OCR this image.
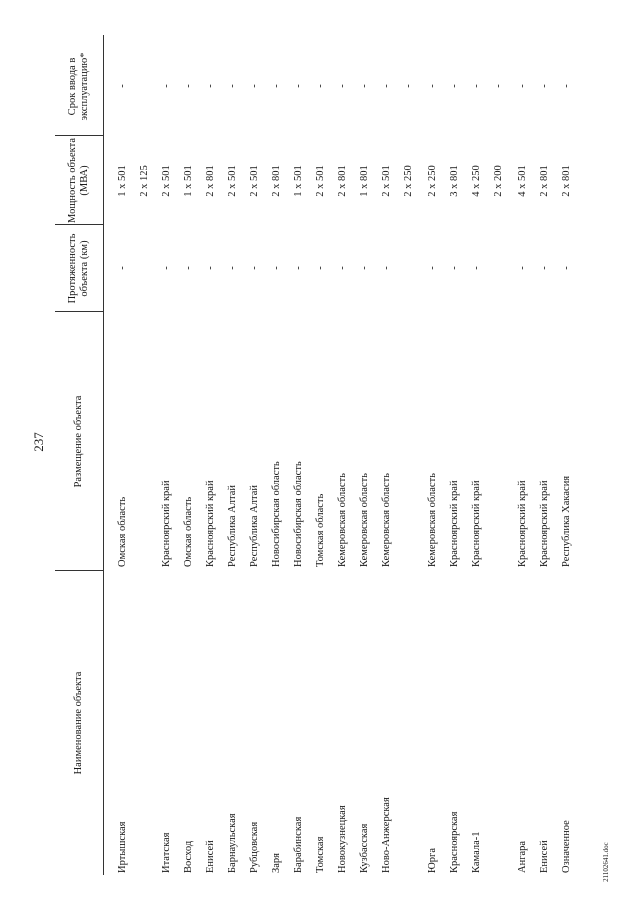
237
21102641.doc
Наименование объекта
Размещение объекта
Протяженность объекта (км)
Мощность объекта (МВА)
Срок ввода в эксплуатацию*
Иртышская
Омская область
-
1 x 501
-
2 x 125
Итатская
Красноярский край
-
2 x 501
-
Восход
Омская область
-
1 x 501
-
Енисей
Красноярский край
-
2 x 801
-
Барнаульская
Республика Алтай
-
2 x 501
-
Рубцовская
Республика Алтай
-
2 x 501
-
Заря
Новосибирская область
-
2 x 801
-
Барабинская
Новосибирская область
-
1 x 501
-
Томская
Томская область
-
2 x 501
-
Новокузнецкая
Кемеровская область
-
2 x 801
-
Кузбасская
Кемеровская область
-
1 x 801
-
Ново-Анжерская
Кемеровская область
-
2 x 501
-
2 x 250
-
Юрга
Кемеровская область
-
2 x 250
-
Красноярская
Красноярский край
-
3 x 801
-
Камала-1
Красноярский край
-
4 x 250
-
2 x 200
-
Ангара
Красноярский край
-
4 x 501
-
Енисей
Красноярский край
-
2 x 801
-
Означенное
Республика Хакасия
-
2 x 801
-
